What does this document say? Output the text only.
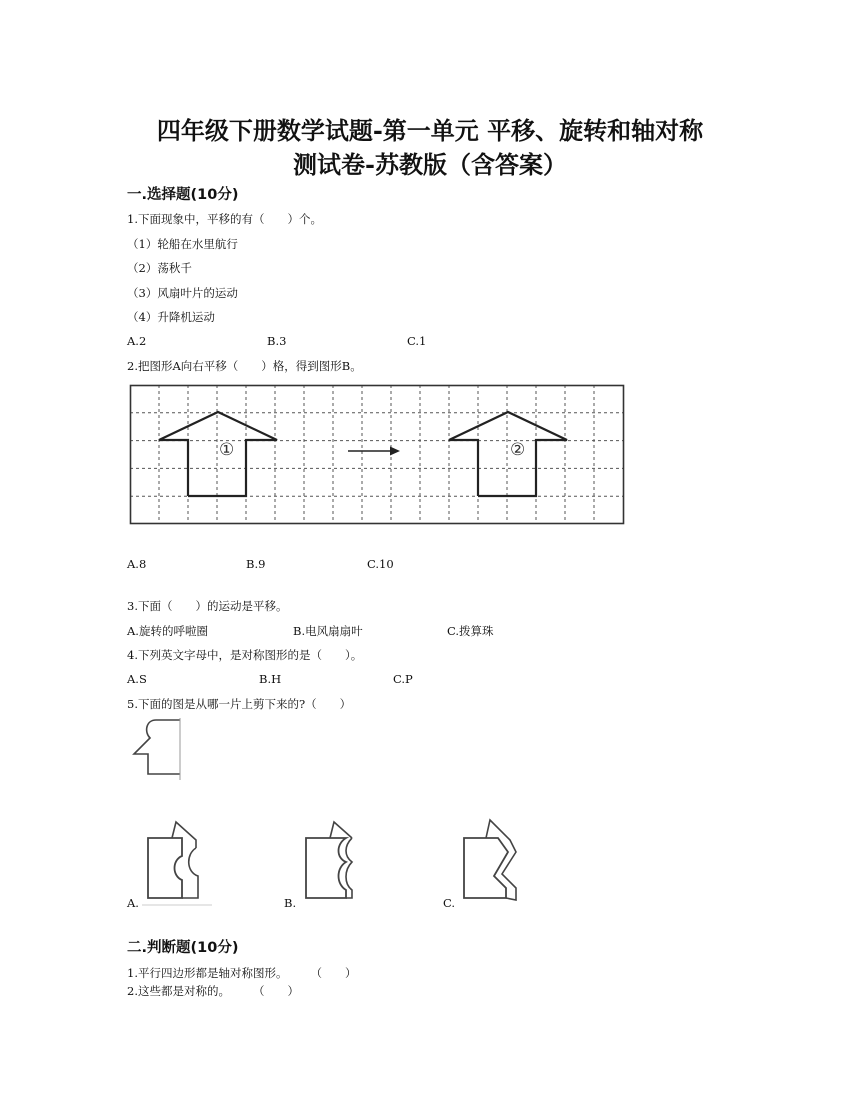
四年级下册数学试题-第一单元 平移、旋转和轴对称
测试卷-苏教版（含答案）
一.选择题(10分)
1.下面现象中，平移的有（　　）个。
（1）轮船在水里航行
（2）荡秋千
（3）风扇叶片的运动
（4）升降机运动
A.2	B.3	C.1
2.把图形A向右平移（　　）格，得到图形B。
①	②
A.8	B.9	C.10
3.下面（　　）的运动是平移。
A.旋转的呼啦圈	B.电风扇扇叶	C.拨算珠
4.下列英文字母中，是对称图形的是（　　）。
A.S	B.H	C.P
5.下面的图是从哪一片上剪下来的?（　　）
A.	B.	C.
二.判断题(10分)
1.平行四边形都是轴对称图形。　　　（　　）
2.这些都是对称的。　　　（　　）
